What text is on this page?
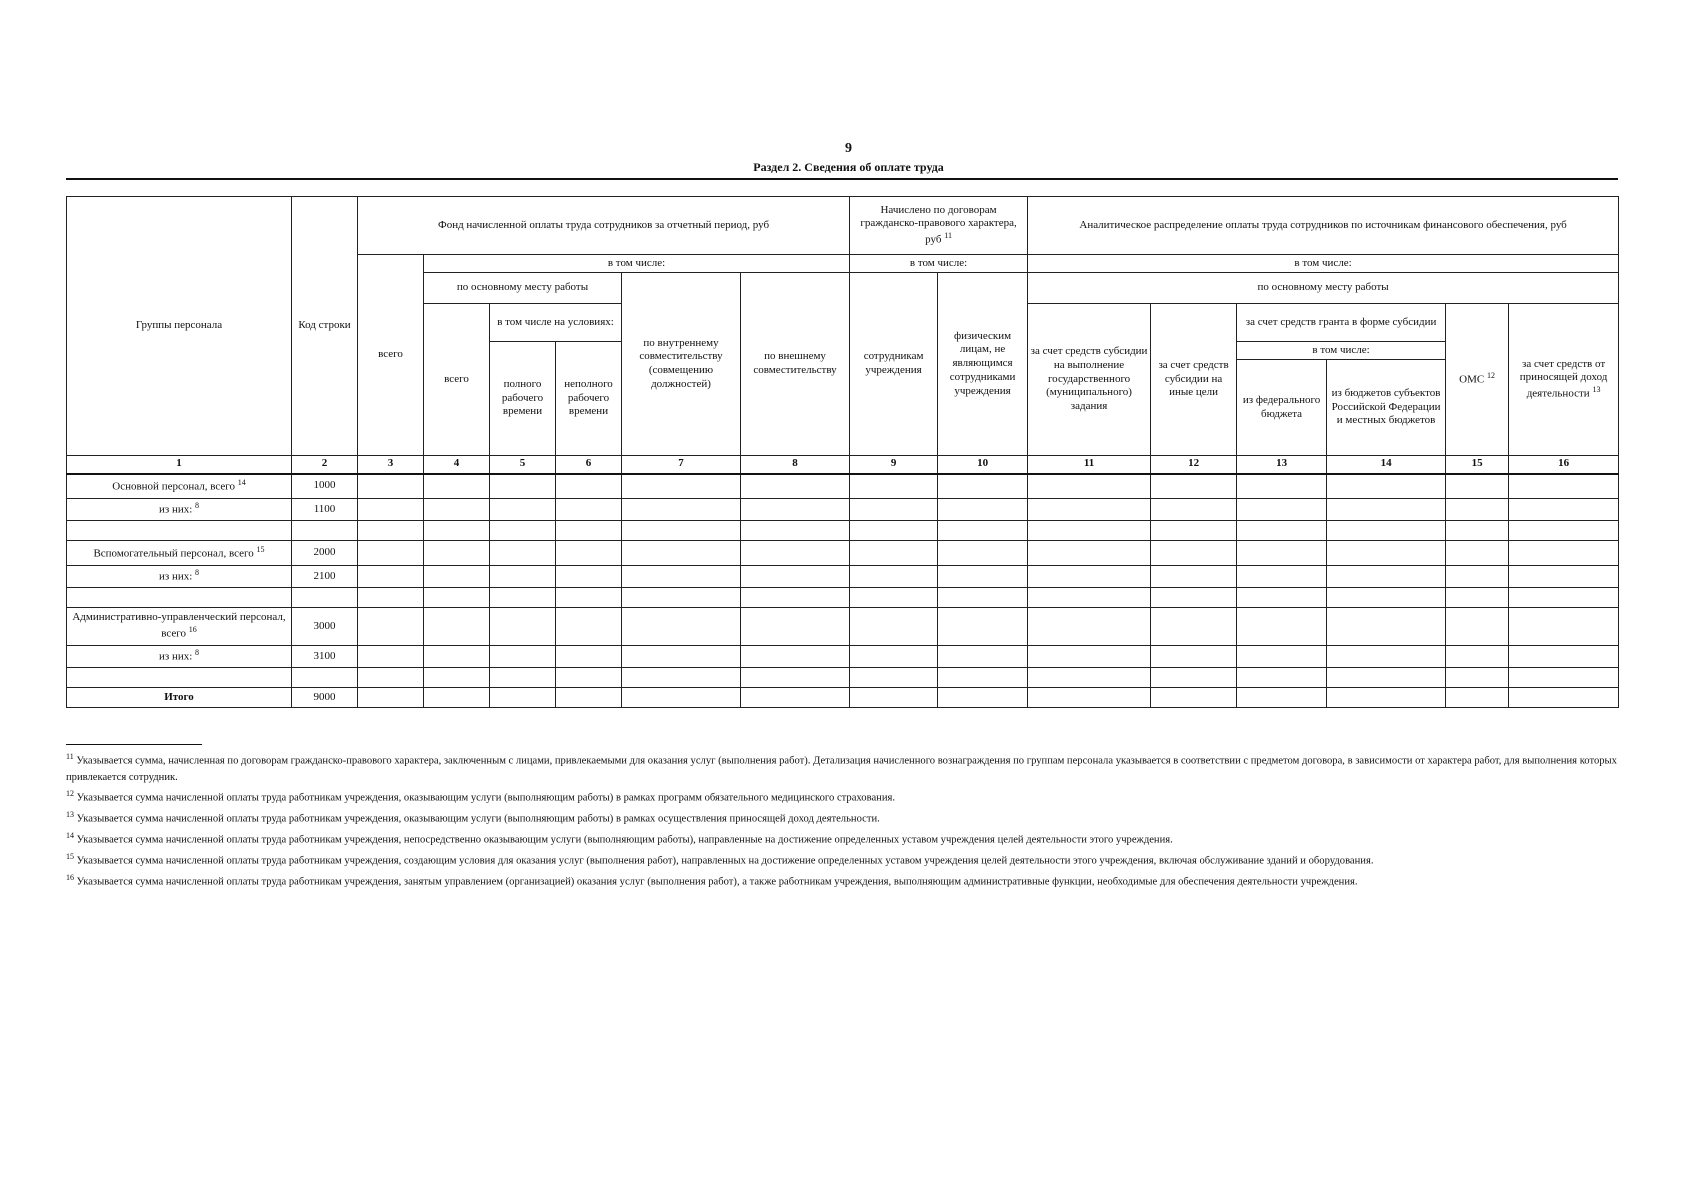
9
Раздел 2. Сведения об оплате труда
Группы персонала	Код строки	Фонд начисленной оплаты труда сотрудников за отчетный период, руб						Начислено по договорам гражданско-правового характера, руб $^{11}$		Аналитическое распределение оплаты труда сотрудников по источникам финансового обеспечения, руб					
		всего	в том числе:					в том числе:		в том числе:					
			по основному месту работы			по внутреннему совместительству (совмещению должностей)	по внешнему совместительству	сотрудникам учреждения	физическим лицам, не являющимся сотрудниками учреждения	по основному месту работы					
			всего	в том числе на условиях:						за счет средств субсидии на выполнение государственного (муниципального) задания	за счет средств субсидии на иные цели	за счет средств гранта в форме субсидии		ОМС $^{12}$	за счет средств от приносящей доход деятельности $^{13}$
				полного рабочего времени	неполного рабочего времени							в том числе:			
												из федерального бюджета	из бюджетов субъектов Российской Федерации и местных бюджетов		
1	2	3	4	5	6	7	8	9	10	11	12	13	14	15	16
Основной персонал, всего $^{14}$	1000														
из них: $^8$	1100														

Вспомогательный персонал, всего $^{15}$	2000														
из них: $^8$	2100														

Административно-управленческий персонал, всего $^{16}$	3000														
из них: $^8$	3100														

Итого	9000														
$^{11}$ Указывается сумма, начисленная по договорам гражданско-правового характера, заключенным с лицами, привлекаемыми для оказания услуг (выполнения работ). Детализация начисленного вознаграждения по группам персонала указывается в соответствии с предметом договора, в зависимости от характера работ, для выполнения которых привлекается сотрудник.
$^{12}$ Указывается сумма начисленной оплаты труда работникам учреждения, оказывающим услуги (выполняющим работы) в рамках программ обязательного медицинского страхования.
$^{13}$ Указывается сумма начисленной оплаты труда работникам учреждения, оказывающим услуги (выполняющим работы) в рамках осуществления приносящей доход деятельности.
$^{14}$ Указывается сумма начисленной оплаты труда работникам учреждения, непосредственно оказывающим услуги (выполняющим работы), направленные на достижение определенных уставом учреждения целей деятельности этого учреждения.
$^{15}$ Указывается сумма начисленной оплаты труда работникам учреждения, создающим условия для оказания услуг (выполнения работ), направленных на достижение определенных уставом учреждения целей деятельности этого учреждения, включая обслуживание зданий и оборудования.
$^{16}$ Указывается сумма начисленной оплаты труда работникам учреждения, занятым управлением (организацией) оказания услуг (выполнения работ), а также работникам учреждения, выполняющим административные функции, необходимые для обеспечения деятельности учреждения.
